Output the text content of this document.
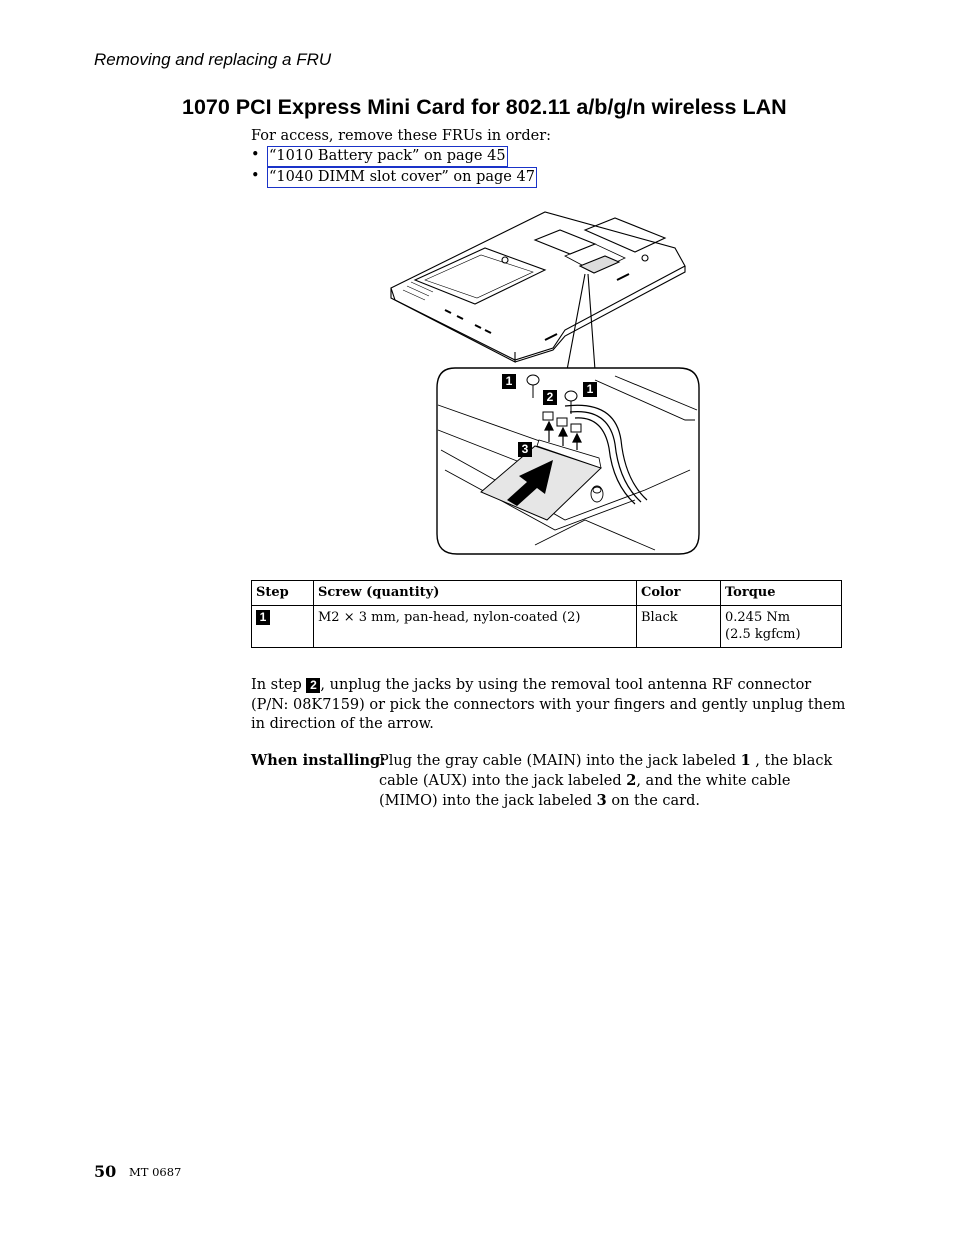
Removing and replacing a FRU
1070 PCI Express Mini Card for 802.11 a/b/g/n wireless LAN
For access, remove these FRUs in order:
• “1010 Battery pack” on page 45
• “1040 DIMM slot cover” on page 47
1
2
1
3
Step	Screw (quantity)	Color	Torque
1	M2 × 3 mm, pan-head, nylon-coated (2)	Black	0.245 Nm
(2.5 kgfcm)
In step 2 , unplug the jacks by using the removal tool antenna RF connector (P/N: 08K7159) or pick the connectors with your fingers and gently unplug them in direction of the arrow.
When installing:
Plug the gray cable (MAIN) into the jack labeled 1 , the black cable (AUX) into the jack labeled 2, and the white cable (MIMO) into the jack labeled 3 on the card.
50 MT 0687
